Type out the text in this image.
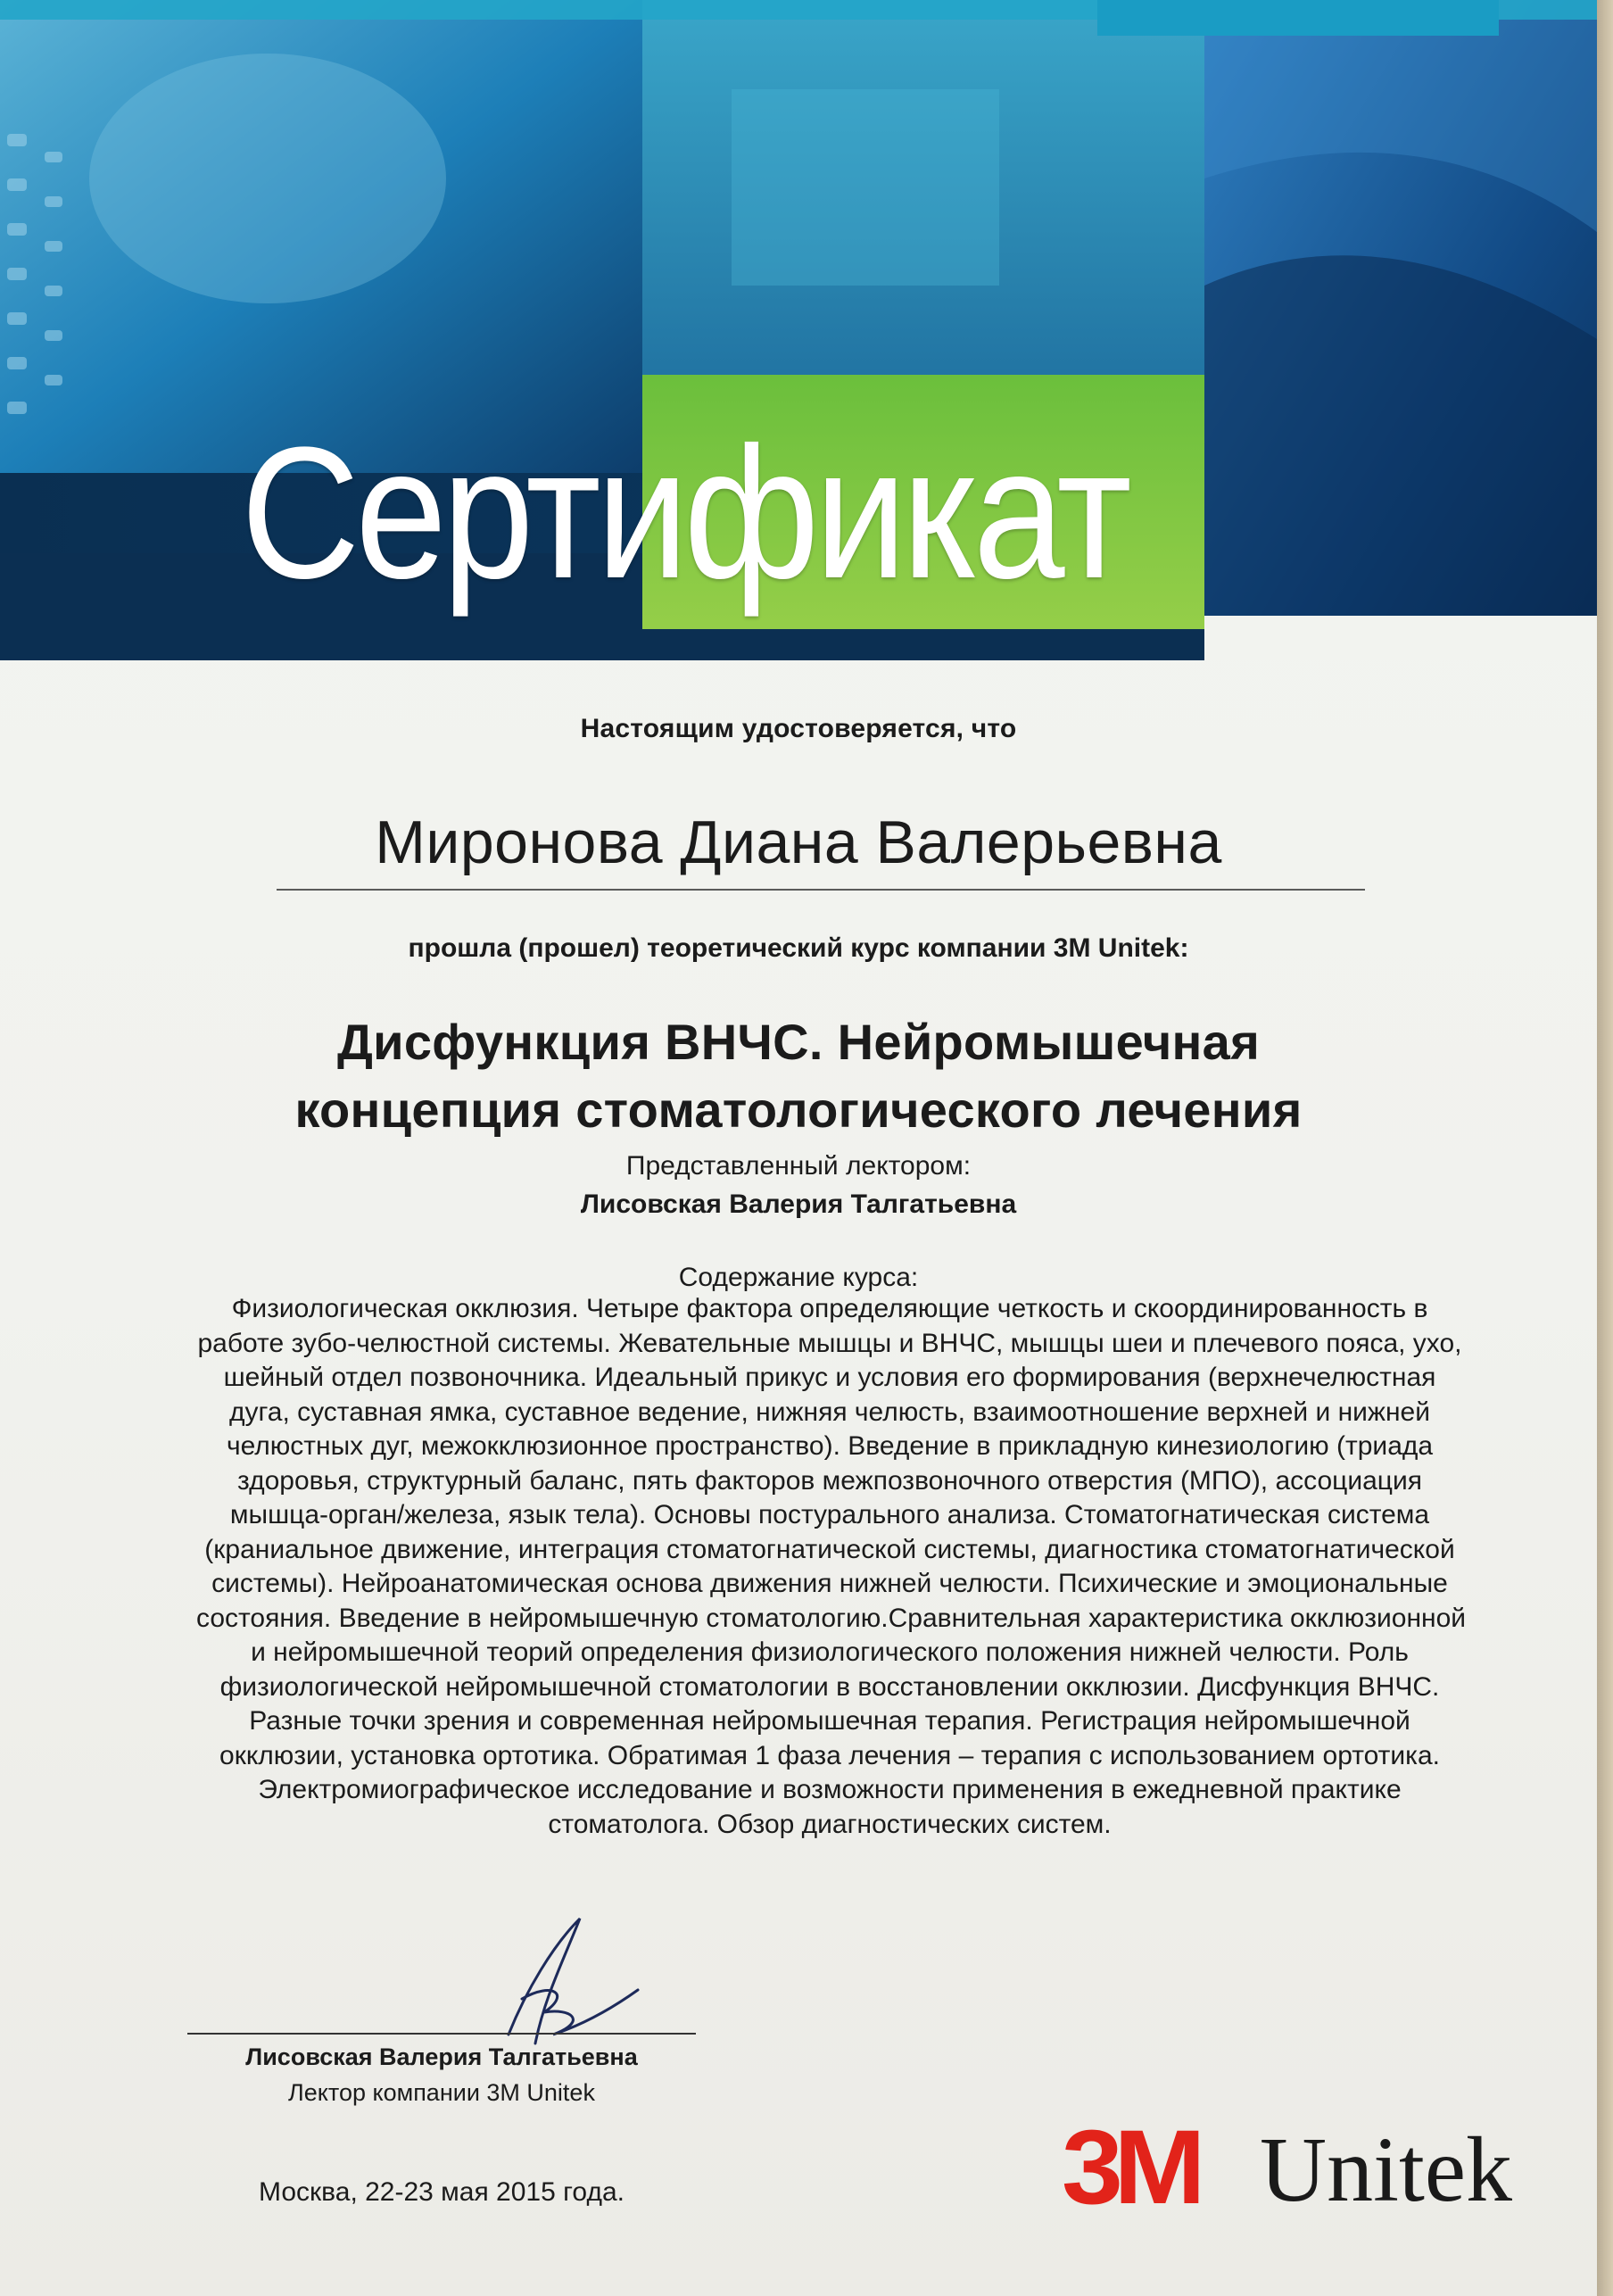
Сертификат
Настоящим удостоверяется, что
Миронова Диана Валерьевна
прошла (прошел) теоретический курс компании 3М Unitek:
Дисфункция ВНЧС. Нейромышечная
концепция стоматологического лечения
Представленный лектором:
Лисовская Валерия Талгатьевна
Содержание курса:
Физиологическая окклюзия. Четыре фактора определяющие четкость и скоординированность в
работе зубо-челюстной системы. Жевательные мышцы и ВНЧС, мышцы шеи и плечевого пояса, ухо,
шейный отдел позвоночника. Идеальный прикус и условия его формирования (верхнечелюстная
дуга, суставная ямка, суставное ведение, нижняя челюсть, взаимоотношение верхней и нижней
челюстных дуг, межокклюзионное пространство). Введение в прикладную кинезиологию (триада
здоровья, структурный баланс, пять факторов межпозвоночного отверстия (МПО), ассоциация
мышца-орган/железа, язык тела). Основы постурального анализа. Стоматогнатическая система
(краниальное движение, интеграция стоматогнатической системы, диагностика стоматогнатической
системы). Нейроанатомическая основа движения нижней челюсти. Психические и эмоциональные
состояния. Введение в нейромышечную стоматологию.Сравнительная характеристика окклюзионной
и нейромышечной теорий определения физиологического положения нижней челюсти. Роль
физиологической нейромышечной стоматологии в восстановлении окклюзии. Дисфункция ВНЧС.
Разные точки зрения и современная нейромышечная терапия. Регистрация нейромышечной
окклюзии, установка ортотика. Обратимая 1 фаза лечения – терапия с использованием ортотика.
Электромиографическое исследование и возможности применения в ежедневной практике
стоматолога. Обзор диагностических систем.
Лисовская Валерия Талгатьевна
Лектор компании 3М Unitek
Москва, 22-23 мая 2015 года.	3M Unitek
